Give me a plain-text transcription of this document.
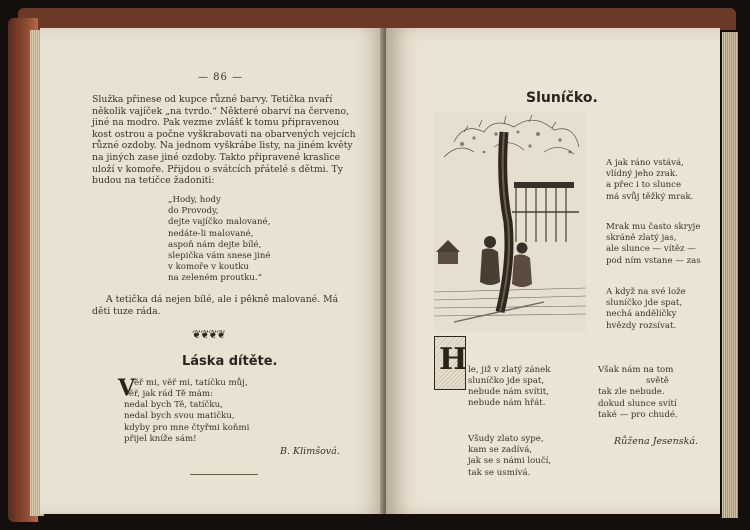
— 86 —
Služka přinese od kupce různé barvy. Tetička nvaří
několik vajíček „na tvrdo.“ Některé obarví na červeno,
jiné na modro. Pak vezme zvlášť k tomu připravenou
kost ostrou a počne vyškrabovati na obarvených vejcích
různé ozdoby. Na jednom vyškrábe listy, na jiném květy
na jiných zase jiné ozdoby. Takto připravené kraslice
uloží v komoře. Přijdou o svátcích přátelé s dětmi. Ty
budou na tetičce žadoniti:
„Hody, hody
do Provody,
dejte vajíčko malované,
nedáte-li malované,
aspoň nám dejte bílé,
slepička vám snese jiné
v komoře v koutku
na zeleném proutku.“
A tetička dá nejen bílé, ale i pěkně malované. Má
děti tuze ráda.
❦❦❦❦
Láska dítěte.
V
ěř mi, věř mi, tatíčku můj,
věř, jak rád Tě mám:
nedal bych Tě, tatíčku,
nedal bych svou matičku,
kdyby pro mne čtyřmi koňmi
přijel kníže sám!
B. Klimšová.
Sluníčko.
A jak ráno vstává,
vlídný jeho zrak.
a přec i to slunce
má svůj těžký mrak.
Mrak mu často skryje
skráně zlatý jas,
ale slunce — vítěz —
pod ním vstane — zas
A když na své lože
sluníčko jde spat,
nechá andělíčky
hvězdy rozsívat.
H le, již v zlatý zánek
sluníčko jde spat,
nebude nám svítit,
nebude nám hřát.
Všudy zlato sype,
kam se zadívá,
jak se s námi loučí,
tak se usmívá.
Však nám na tom
světě
tak zle nebude.
dokud slunce svítí
také — pro chudé.
Růžena Jesenská.
